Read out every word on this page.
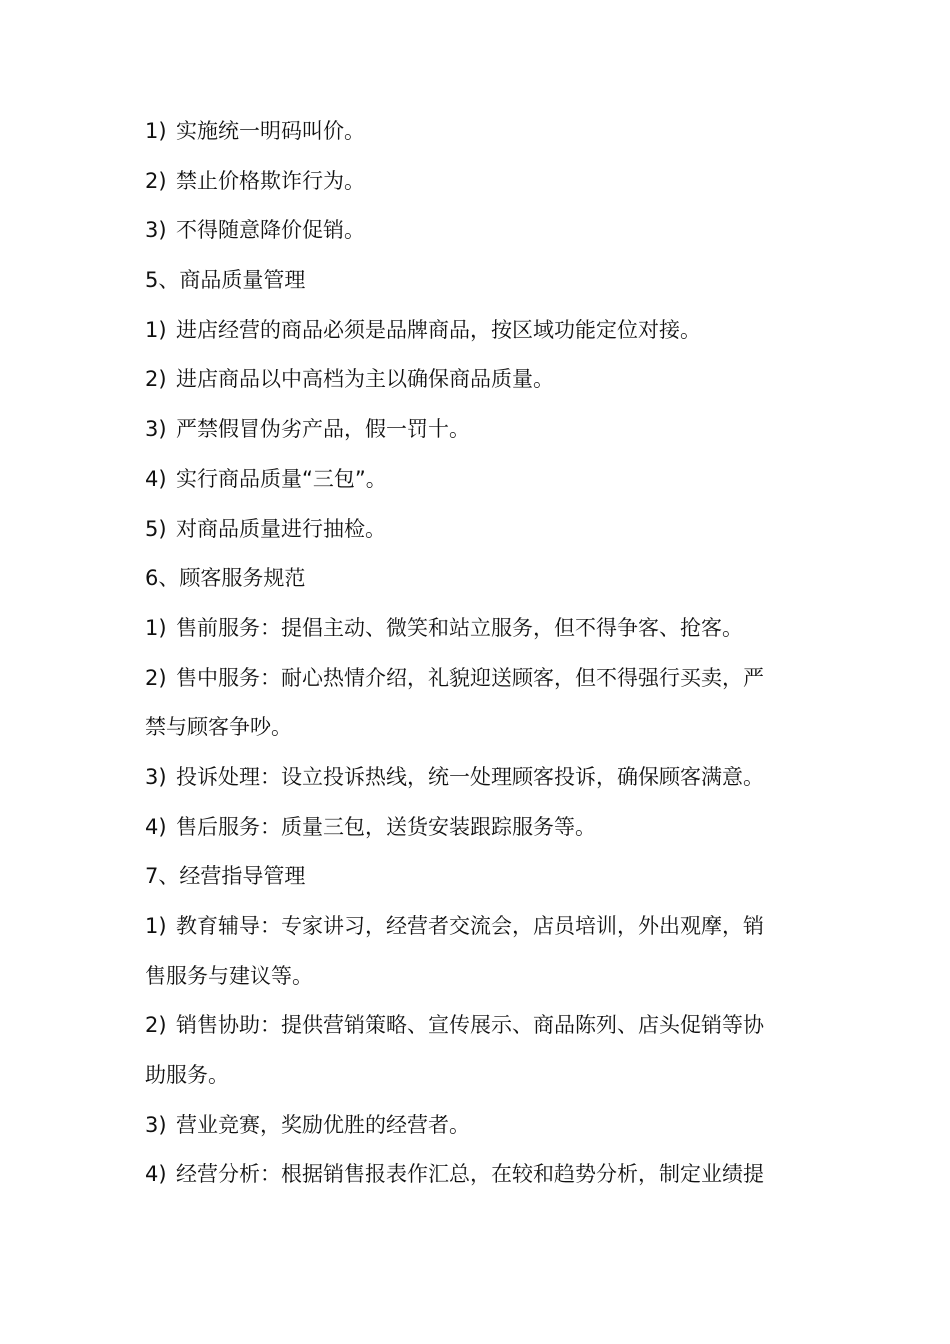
1) 实施统一明码叫价。

2) 禁止价格欺诈行为。

3) 不得随意降价促销。

5、商品质量管理

1) 进店经营的商品必须是品牌商品，按区域功能定位对接。

2) 进店商品以中高档为主以确保商品质量。

3) 严禁假冒伪劣产品，假一罚十。

4) 实行商品质量“三包”。

5) 对商品质量进行抽检。

6、顾客服务规范

1) 售前服务：提倡主动、微笑和站立服务，但不得争客、抢客。

2) 售中服务：耐心热情介绍，礼貌迎送顾客，但不得强行买卖，严

禁与顾客争吵。

3) 投诉处理：设立投诉热线，统一处理顾客投诉，确保顾客满意。

4) 售后服务：质量三包，送货安装跟踪服务等。

7、经营指导管理

1) 教育辅导：专家讲习，经营者交流会，店员培训，外出观摩，销

售服务与建议等。

2) 销售协助：提供营销策略、宣传展示、商品陈列、店头促销等协

助服务。

3) 营业竞赛，奖励优胜的经营者。

4) 经营分析：根据销售报表作汇总，在较和趋势分析，制定业绩提
